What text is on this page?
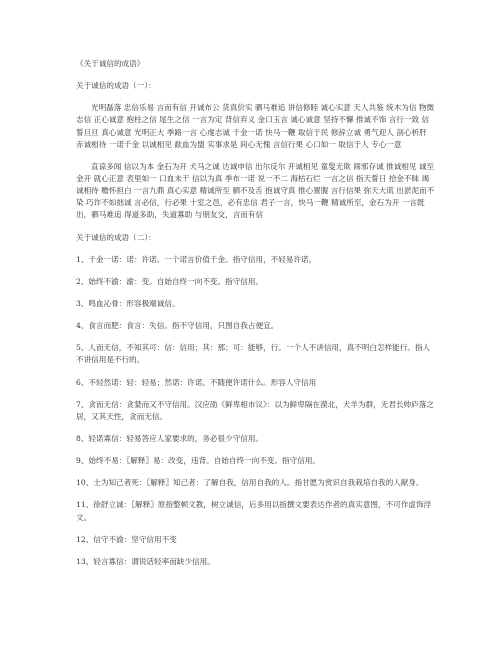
《关于诚信的成语》

关于诚信的成语（一）：

光明磊落 忠信乐易 言而有信 开诚布公 货真价实 驷马难追 讲信修睦 诚心实意 天人共鉴 统木为信 物微志信 正心诚意 抱柱之信 尾生之信 一言为定 背信弃义 金口玉言 诚心诚意 坚持不懈 推诚不饰 言行一致 信誓旦旦 真心诚意 光明正大 季路一言 心虔志诚 千金一诺 快马一鞭 取信于民 修辞立诚 勇气迎人 剖心析肝 赤诚相待 一诺千金 以诚相见 歃血为盟 实事求是 间心无愧 言信行果 心口如一 取信于人 专心一意

直谅多闻 信以为本 金石为开 犬马之诚 达诚申信 出尔反尔 开诚相见 童叟无欺 闹邪存诚 推诚相见 诚至金开 就心正意 表里如一 口血未干 信以为真 季布一诺 说一不二 海枯石烂 一言之信 指天誓日 拾金不昧 竭诚相待 赡怀担白 一言九鼎 真心实意 精诚所至 驷不及舌 抱诚守真 推心置腹 言行信果 弥天大谎 出淤泥而不染 巧诈不如拙诚 言必信，行必果 十室之邑，必有忠信 君子一言，快马一鞭 精诚所至，金石为开 一言既出，驷马难追 得道多助，失道寡助 与朋友交，言而有信

关于诚信的成语（二）：

1、千金一诺：诺：许诺。一个诺言价值千金。指守信用，不轻易许诺。

2、始终不渝：渝：变。自始自终一向不变。指守信用。

3、鸣血沁骨：形容极端诚信。

4、食言而肥：食言：失信。指不守信用，只图自我占便宜。

5、人而无信，不知其可：信：信用；其：那；可：能够，行。一个人不讲信用，真不明白怎样能行。指人不讲信用是不行的。

6、不轻然诺：轻：轻易；然诺：许诺。不随便许诺什么。形容人守信用

7、贪而无信：贪婪而又不守信用。汉应劭《鲜卑相市议》：以为鲜卑隔在漠北，犬羊为群，无君长帅庐落之居，又其天性，贪而无信。

8、轻诺寡信：轻易答应人家要求的，务必很少守信用。

9、始终不易：〖解释〗易：改变，违背。自始自终一向不变。指守信用。

10、士为知己者死：〖解释〗知己者：了解自我，信用自我的人。指甘愿为赏识自我栽培自我的人献身。

11、徐舒立诚：〖解释〗原指整顿文教，树立诚信，后多用以指撰文要表达作者的真实意图，不可作虚饰浮文。

12、信守不渝：坚守信用不变

13、轻言寡信：谓说话轻率而缺少信用。
